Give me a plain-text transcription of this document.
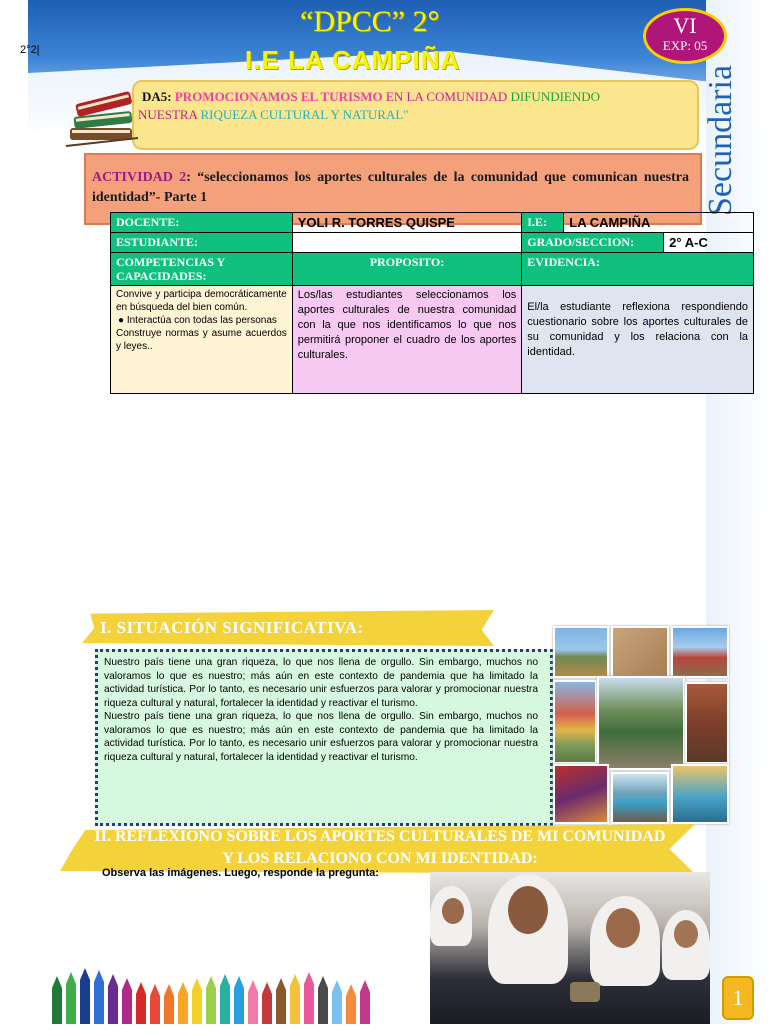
Secundaria
2°2|
“DPCC” 2°
I.E LA CAMPIÑA
VI
EXP: 05
DA5: PROMOCIONAMOS EL TURISMO EN LA COMUNIDAD DIFUNDIENDO
NUESTRA RIQUEZA CULTURAL Y NATURAL"
ACTIVIDAD 2: “seleccionamos los aportes culturales de la comunidad que comunican nuestra identidad”- Parte 1
DOCENTE:	YOLI R. TORRES QUISPE	I.E:	LA CAMPIÑA	
ESTUDIANTE:		GRADO/SECCION:		2° A-C
COMPETENCIAS Y CAPACIDADES:	PROPOSITO:	EVIDENCIA:		

Convive y participa democráticamente en búsqueda del bien común.
● Interactúa con todas las personas
Construye normas y asume acuerdos y leyes..	Los/las estudiantes seleccionamos los aportes culturales de nuestra comunidad con la que nos identificamos lo que nos permitirá proponer el cuadro de los aportes culturales.	El/la estudiante reflexiona respondiendo cuestionario sobre los aportes culturales de su comunidad y los relaciona con la identidad.		
I. SITUACIÓN SIGNIFICATIVA:

Nuestro país tiene una gran riqueza, lo que nos llena de orgullo. Sin embargo, muchos no valoramos lo que es nuestro; más aún en este contexto de pandemia que ha limitado la actividad turística. Por lo tanto, es necesario unir esfuerzos para valorar y promocionar nuestra riqueza cultural y natural, fortalecer la identidad y reactivar el turismo.

Nuestro país tiene una gran riqueza, lo que nos llena de orgullo. Sin embargo, muchos no valoramos lo que es nuestro; más aún en este contexto de pandemia que ha limitado la actividad turística. Por lo tanto, es necesario unir esfuerzos para valorar y promocionar nuestra riqueza cultural y natural, fortalecer la identidad y reactivar el turismo.

II. REFLEXIONO SOBRE LOS APORTES CULTURALES DE MI COMUNIDAD Y LOS RELACIONO CON MI IDENTIDAD:
Observa las imágenes. Luego, responde la pregunta:
1
